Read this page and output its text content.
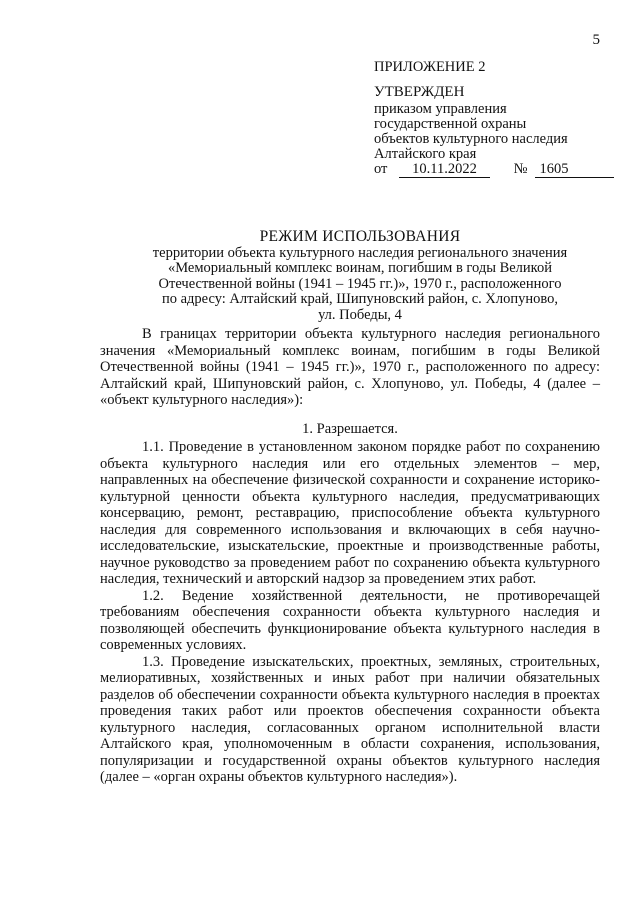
5
ПРИЛОЖЕНИЕ 2
УТВЕРЖДЕН
приказом управления
государственной охраны
объектов культурного наследия
Алтайского края
от	10.11.2022	№ 1605
РЕЖИМ ИСПОЛЬЗОВАНИЯ
территории объекта культурного наследия регионального значения
«Мемориальный комплекс воинам, погибшим в годы Великой
Отечественной войны (1941 – 1945 гг.)», 1970 г., расположенного
по адресу: Алтайский край, Шипуновский район, с. Хлопуново,
ул. Победы, 4

В границах территории объекта культурного наследия регионального значения «Мемориальный комплекс воинам, погибшим в годы Великой Отечественной войны (1941 – 1945 гг.)», 1970 г., расположенного по адресу: Алтайский край, Шипуновский район, с. Хлопуново, ул. Победы, 4 (далее – «объект культурного наследия»):

1. Разрешается.

1.1. Проведение в установленном законом порядке работ по сохранению объекта культурного наследия или его отдельных элементов – мер, направленных на обеспечение физической сохранности и сохранение историко-культурной ценности объекта культурного наследия, предусматривающих консервацию, ремонт, реставрацию, приспособление объекта культурного наследия для современного использования и включающих в себя научно-исследовательские, изыскательские, проектные и производственные работы, научное руководство за проведением работ по сохранению объекта культурного наследия, технический и авторский надзор за проведением этих работ.

1.2. Ведение хозяйственной деятельности, не противоречащей требованиям обеспечения сохранности объекта культурного наследия и позволяющей обеспечить функционирование объекта культурного наследия в современных условиях.

1.3. Проведение изыскательских, проектных, земляных, строительных, мелиоративных, хозяйственных и иных работ при наличии обязательных разделов об обеспечении сохранности объекта культурного наследия в проектах проведения таких работ или проектов обеспечения сохранности объекта культурного наследия, согласованных органом исполнительной власти Алтайского края, уполномоченным в области сохранения, использования, популяризации и государственной охраны объектов культурного наследия (далее – «орган охраны объектов культурного наследия»).
